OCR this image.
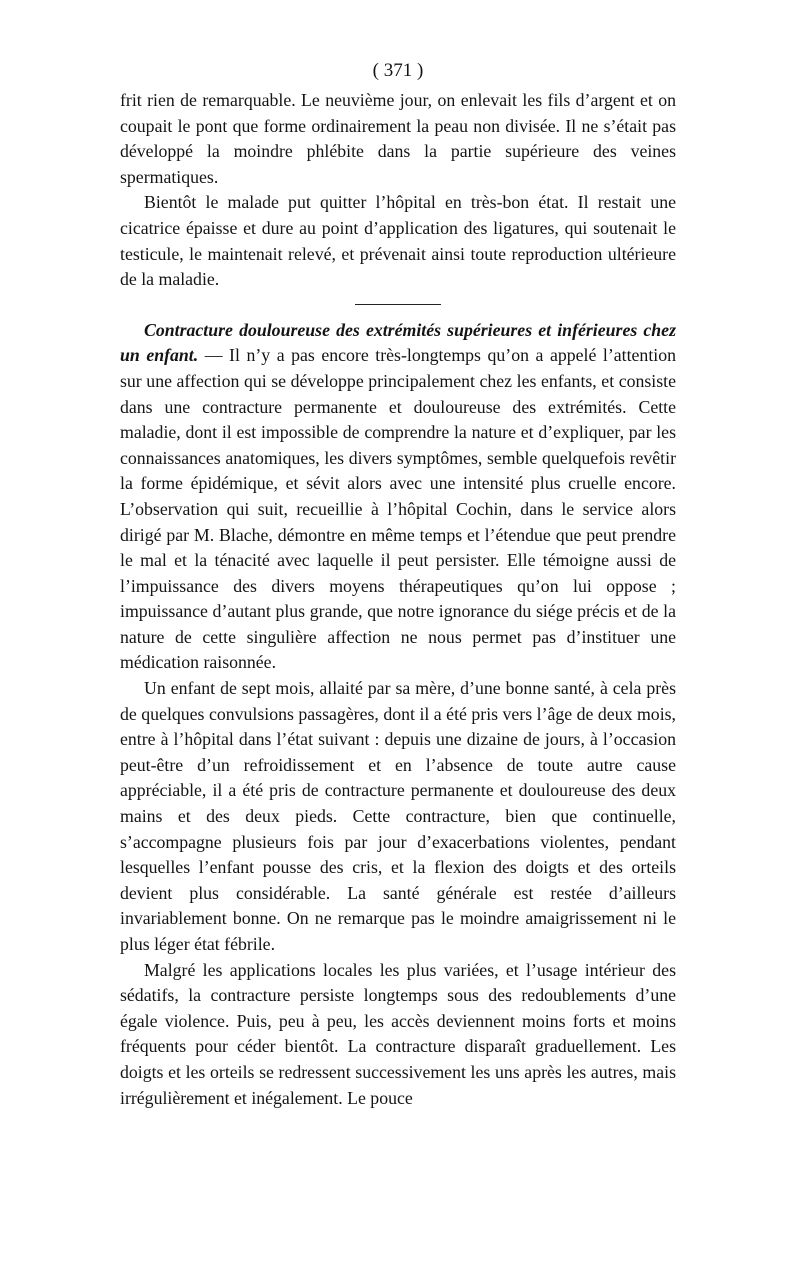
( 371 )

frit rien de remarquable. Le neuvième jour, on enlevait les fils d’argent et on coupait le pont que forme ordinairement la peau non divisée. Il ne s’était pas développé la moindre phlébite dans la partie supérieure des veines spermatiques.

Bientôt le malade put quitter l’hôpital en très-bon état. Il restait une cicatrice épaisse et dure au point d’application des ligatures, qui soutenait le testicule, le maintenait relevé, et prévenait ainsi toute reproduction ultérieure de la maladie.

Contracture douloureuse des extrémités supérieures et inférieures chez un enfant. — Il n’y a pas encore très-longtemps qu’on a appelé l’attention sur une affection qui se développe principalement chez les enfants, et consiste dans une contracture permanente et douloureuse des extrémités. Cette maladie, dont il est impossible de comprendre la nature et d’expliquer, par les connaissances anatomiques, les divers symptômes, semble quelquefois revêtir la forme épidémique, et sévit alors avec une intensité plus cruelle encore. L’observation qui suit, recueillie à l’hôpital Cochin, dans le service alors dirigé par M. Blache, démontre en même temps et l’étendue que peut prendre le mal et la ténacité avec laquelle il peut persister. Elle témoigne aussi de l’impuissance des divers moyens thérapeutiques qu’on lui oppose ; impuissance d’autant plus grande, que notre ignorance du siége précis et de la nature de cette singulière affection ne nous permet pas d’instituer une médication raisonnée.

Un enfant de sept mois, allaité par sa mère, d’une bonne santé, à cela près de quelques convulsions passagères, dont il a été pris vers l’âge de deux mois, entre à l’hôpital dans l’état suivant : depuis une dizaine de jours, à l’occasion peut-être d’un refroidissement et en l’absence de toute autre cause appréciable, il a été pris de contracture permanente et douloureuse des deux mains et des deux pieds. Cette contracture, bien que continuelle, s’accompagne plusieurs fois par jour d’exacerbations violentes, pendant lesquelles l’enfant pousse des cris, et la flexion des doigts et des orteils devient plus considérable. La santé générale est restée d’ailleurs invariablement bonne. On ne remarque pas le moindre amaigrissement ni le plus léger état fébrile.

Malgré les applications locales les plus variées, et l’usage intérieur des sédatifs, la contracture persiste longtemps sous des redoublements d’une égale violence. Puis, peu à peu, les accès deviennent moins forts et moins fréquents pour céder bientôt. La contracture disparaît graduellement. Les doigts et les orteils se redressent successivement les uns après les autres, mais irrégulièrement et inégalement. Le pouce
